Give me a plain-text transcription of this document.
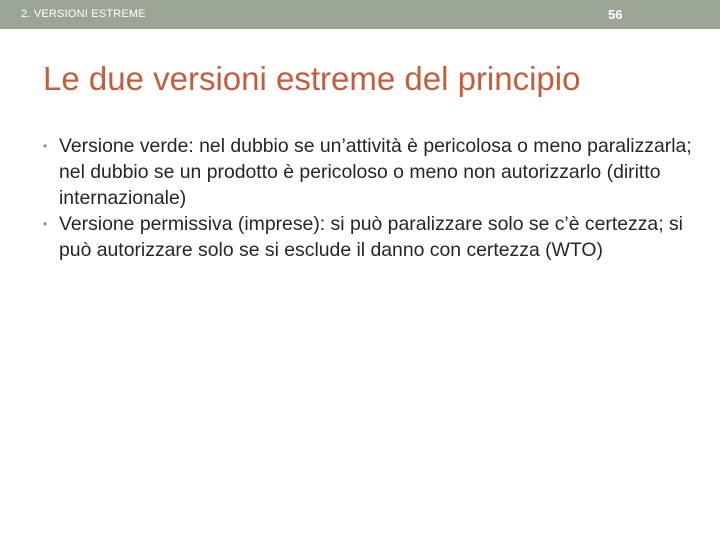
2. VERSIONI ESTREME	56
Le due versioni estreme del principio
• Versione verde: nel dubbio se un’attività è pericolosa o meno paralizzarla; nel dubbio se un prodotto è pericoloso o meno non autorizzarlo (diritto internazionale)
• Versione permissiva (imprese): si può paralizzare solo se c’è certezza; si può autorizzare solo se si esclude il danno con certezza (WTO)
